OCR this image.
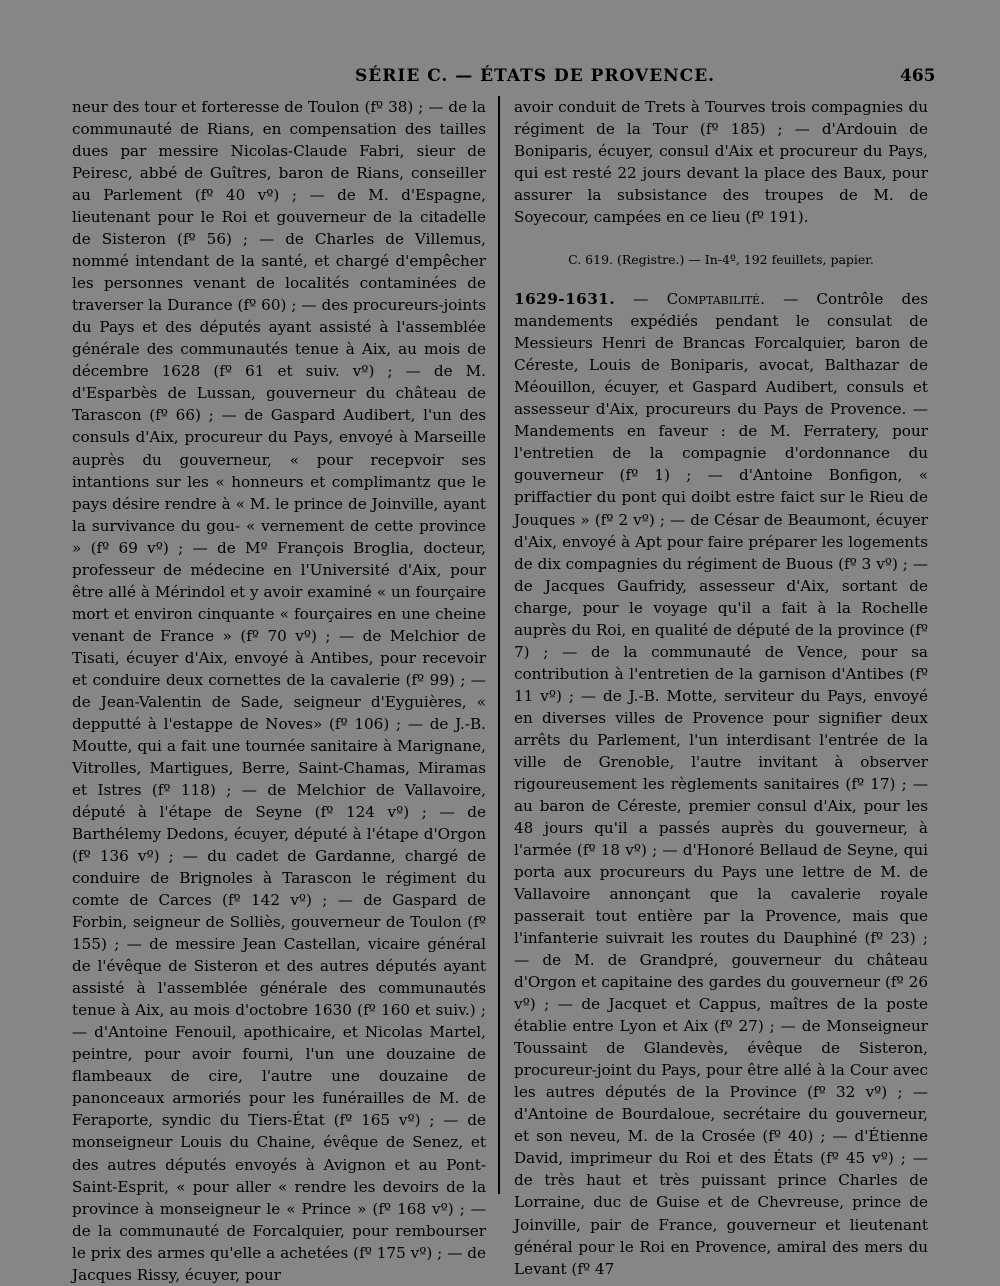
SÉRIE C. — ÉTATS DE PROVENCE.	465

neur des tour et forteresse de Toulon (fº 38) ; — de la communauté de Rians, en compensation des tailles dues par messire Nicolas-Claude Fabri, sieur de Peiresc, abbé de Guîtres, baron de Rians, conseiller au Parlement (fº 40 vº) ; — de M. d'Espagne, lieutenant pour le Roi et gouverneur de la citadelle de Sisteron (fº 56) ; — de Charles de Villemus, nommé intendant de la santé, et chargé d'empêcher les personnes venant de localités contaminées de traverser la Durance (fº 60) ; — des procureurs-joints du Pays et des députés ayant assisté à l'assemblée générale des communautés tenue à Aix, au mois de décembre 1628 (fº 61 et suiv. vº) ; — de M. d'Esparbès de Lussan, gouverneur du château de Tarascon (fº 66) ; — de Gaspard Audibert, l'un des consuls d'Aix, procureur du Pays, envoyé à Marseille auprès du gouverneur, « pour recepvoir ses intantions sur les « honneurs et complimantz que le pays désire rendre à « M. le prince de Joinville, ayant la survivance du gou- « vernement de cette province » (fº 69 vº) ; — de Mº François Broglia, docteur, professeur de médecine en l'Université d'Aix, pour être allé à Mérindol et y avoir examiné « un fourçaire mort et environ cinquante « fourçaires en une cheine venant de France » (fº 70 vº) ; — de Melchior de Tisati, écuyer d'Aix, envoyé à Antibes, pour recevoir et conduire deux cornettes de la cavalerie (fº 99) ; — de Jean-Valentin de Sade, seigneur d'Eyguières, « depputté à l'estappe de Noves» (fº 106) ; — de J.-B. Moutte, qui a fait une tournée sanitaire à Marignane, Vitrolles, Martigues, Berre, Saint-Chamas, Miramas et Istres (fº 118) ; — de Melchior de Vallavoire, député à l'étape de Seyne (fº 124 vº) ; — de Barthélemy Dedons, écuyer, député à l'étape d'Orgon (fº 136 vº) ; — du cadet de Gardanne, chargé de conduire de Brignoles à Tarascon le régiment du comte de Carces (fº 142 vº) ; — de Gaspard de Forbin, seigneur de Solliès, gouverneur de Toulon (fº 155) ; — de messire Jean Castellan, vicaire général de l'évêque de Sisteron et des autres députés ayant assisté à l'assemblée générale des communautés tenue à Aix, au mois d'octobre 1630 (fº 160 et suiv.) ; — d'Antoine Fenouil, apothicaire, et Nicolas Martel, peintre, pour avoir fourni, l'un une douzaine de flambeaux de cire, l'autre une douzaine de panonceaux armoriés pour les funérailles de M. de Feraporte, syndic du Tiers-État (fº 165 vº) ; — de monseigneur Louis du Chaine, évêque de Senez, et des autres députés envoyés à Avignon et au Pont-Saint-Esprit, « pour aller « rendre les devoirs de la province à monseigneur le « Prince » (fº 168 vº) ; — de la communauté de Forcalquier, pour rembourser le prix des armes qu'elle a achetées (fº 175 vº) ; — de Jacques Rissy, écuyer, pour

avoir conduit de Trets à Tourves trois compagnies du régiment de la Tour (fº 185) ; — d'Ardouin de Boniparis, écuyer, consul d'Aix et procureur du Pays, qui est resté 22 jours devant la place des Baux, pour assurer la subsistance des troupes de M. de Soyecour, campées en ce lieu (fº 191).

C. 619. (Registre.) — In-4º, 192 feuillets, papier.

1629-1631. — Comptabilité. — Contrôle des mandements expédiés pendant le consulat de Messieurs Henri de Brancas Forcalquier, baron de Céreste, Louis de Boniparis, avocat, Balthazar de Méouillon, écuyer, et Gaspard Audibert, consuls et assesseur d'Aix, procureurs du Pays de Provence. — Mandements en faveur : de M. Ferratery, pour l'entretien de la compagnie d'ordonnance du gouverneur (fº 1) ; — d'Antoine Bonfigon, « priffactier du pont qui doibt estre faict sur le Rieu de Jouques » (fº 2 vº) ; — de César de Beaumont, écuyer d'Aix, envoyé à Apt pour faire préparer les logements de dix compagnies du régiment de Buous (fº 3 vº) ; — de Jacques Gaufridy, assesseur d'Aix, sortant de charge, pour le voyage qu'il a fait à la Rochelle auprès du Roi, en qualité de député de la province (fº 7) ; — de la communauté de Vence, pour sa contribution à l'entretien de la garnison d'Antibes (fº 11 vº) ; — de J.-B. Motte, serviteur du Pays, envoyé en diverses villes de Provence pour signifier deux arrêts du Parlement, l'un interdisant l'entrée de la ville de Grenoble, l'autre invitant à observer rigoureusement les règlements sanitaires (fº 17) ; — au baron de Céreste, premier consul d'Aix, pour les 48 jours qu'il a passés auprès du gouverneur, à l'armée (fº 18 vº) ; — d'Honoré Bellaud de Seyne, qui porta aux procureurs du Pays une lettre de M. de Vallavoire annonçant que la cavalerie royale passerait tout entière par la Provence, mais que l'infanterie suivrait les routes du Dauphiné (fº 23) ; — de M. de Grandpré, gouverneur du château d'Orgon et capitaine des gardes du gouverneur (fº 26 vº) ; — de Jacquet et Cappus, maîtres de la poste établie entre Lyon et Aix (fº 27) ; — de Monseigneur Toussaint de Glandevès, évêque de Sisteron, procureur-joint du Pays, pour être allé à la Cour avec les autres députés de la Province (fº 32 vº) ; — d'Antoine de Bourdaloue, secrétaire du gouverneur, et son neveu, M. de la Crosée (fº 40) ; — d'Étienne David, imprimeur du Roi et des États (fº 45 vº) ; — de très haut et très puissant prince Charles de Lorraine, duc de Guise et de Chevreuse, prince de Joinville, pair de France, gouverneur et lieutenant général pour le Roi en Provence, amiral des mers du Levant (fº 47
